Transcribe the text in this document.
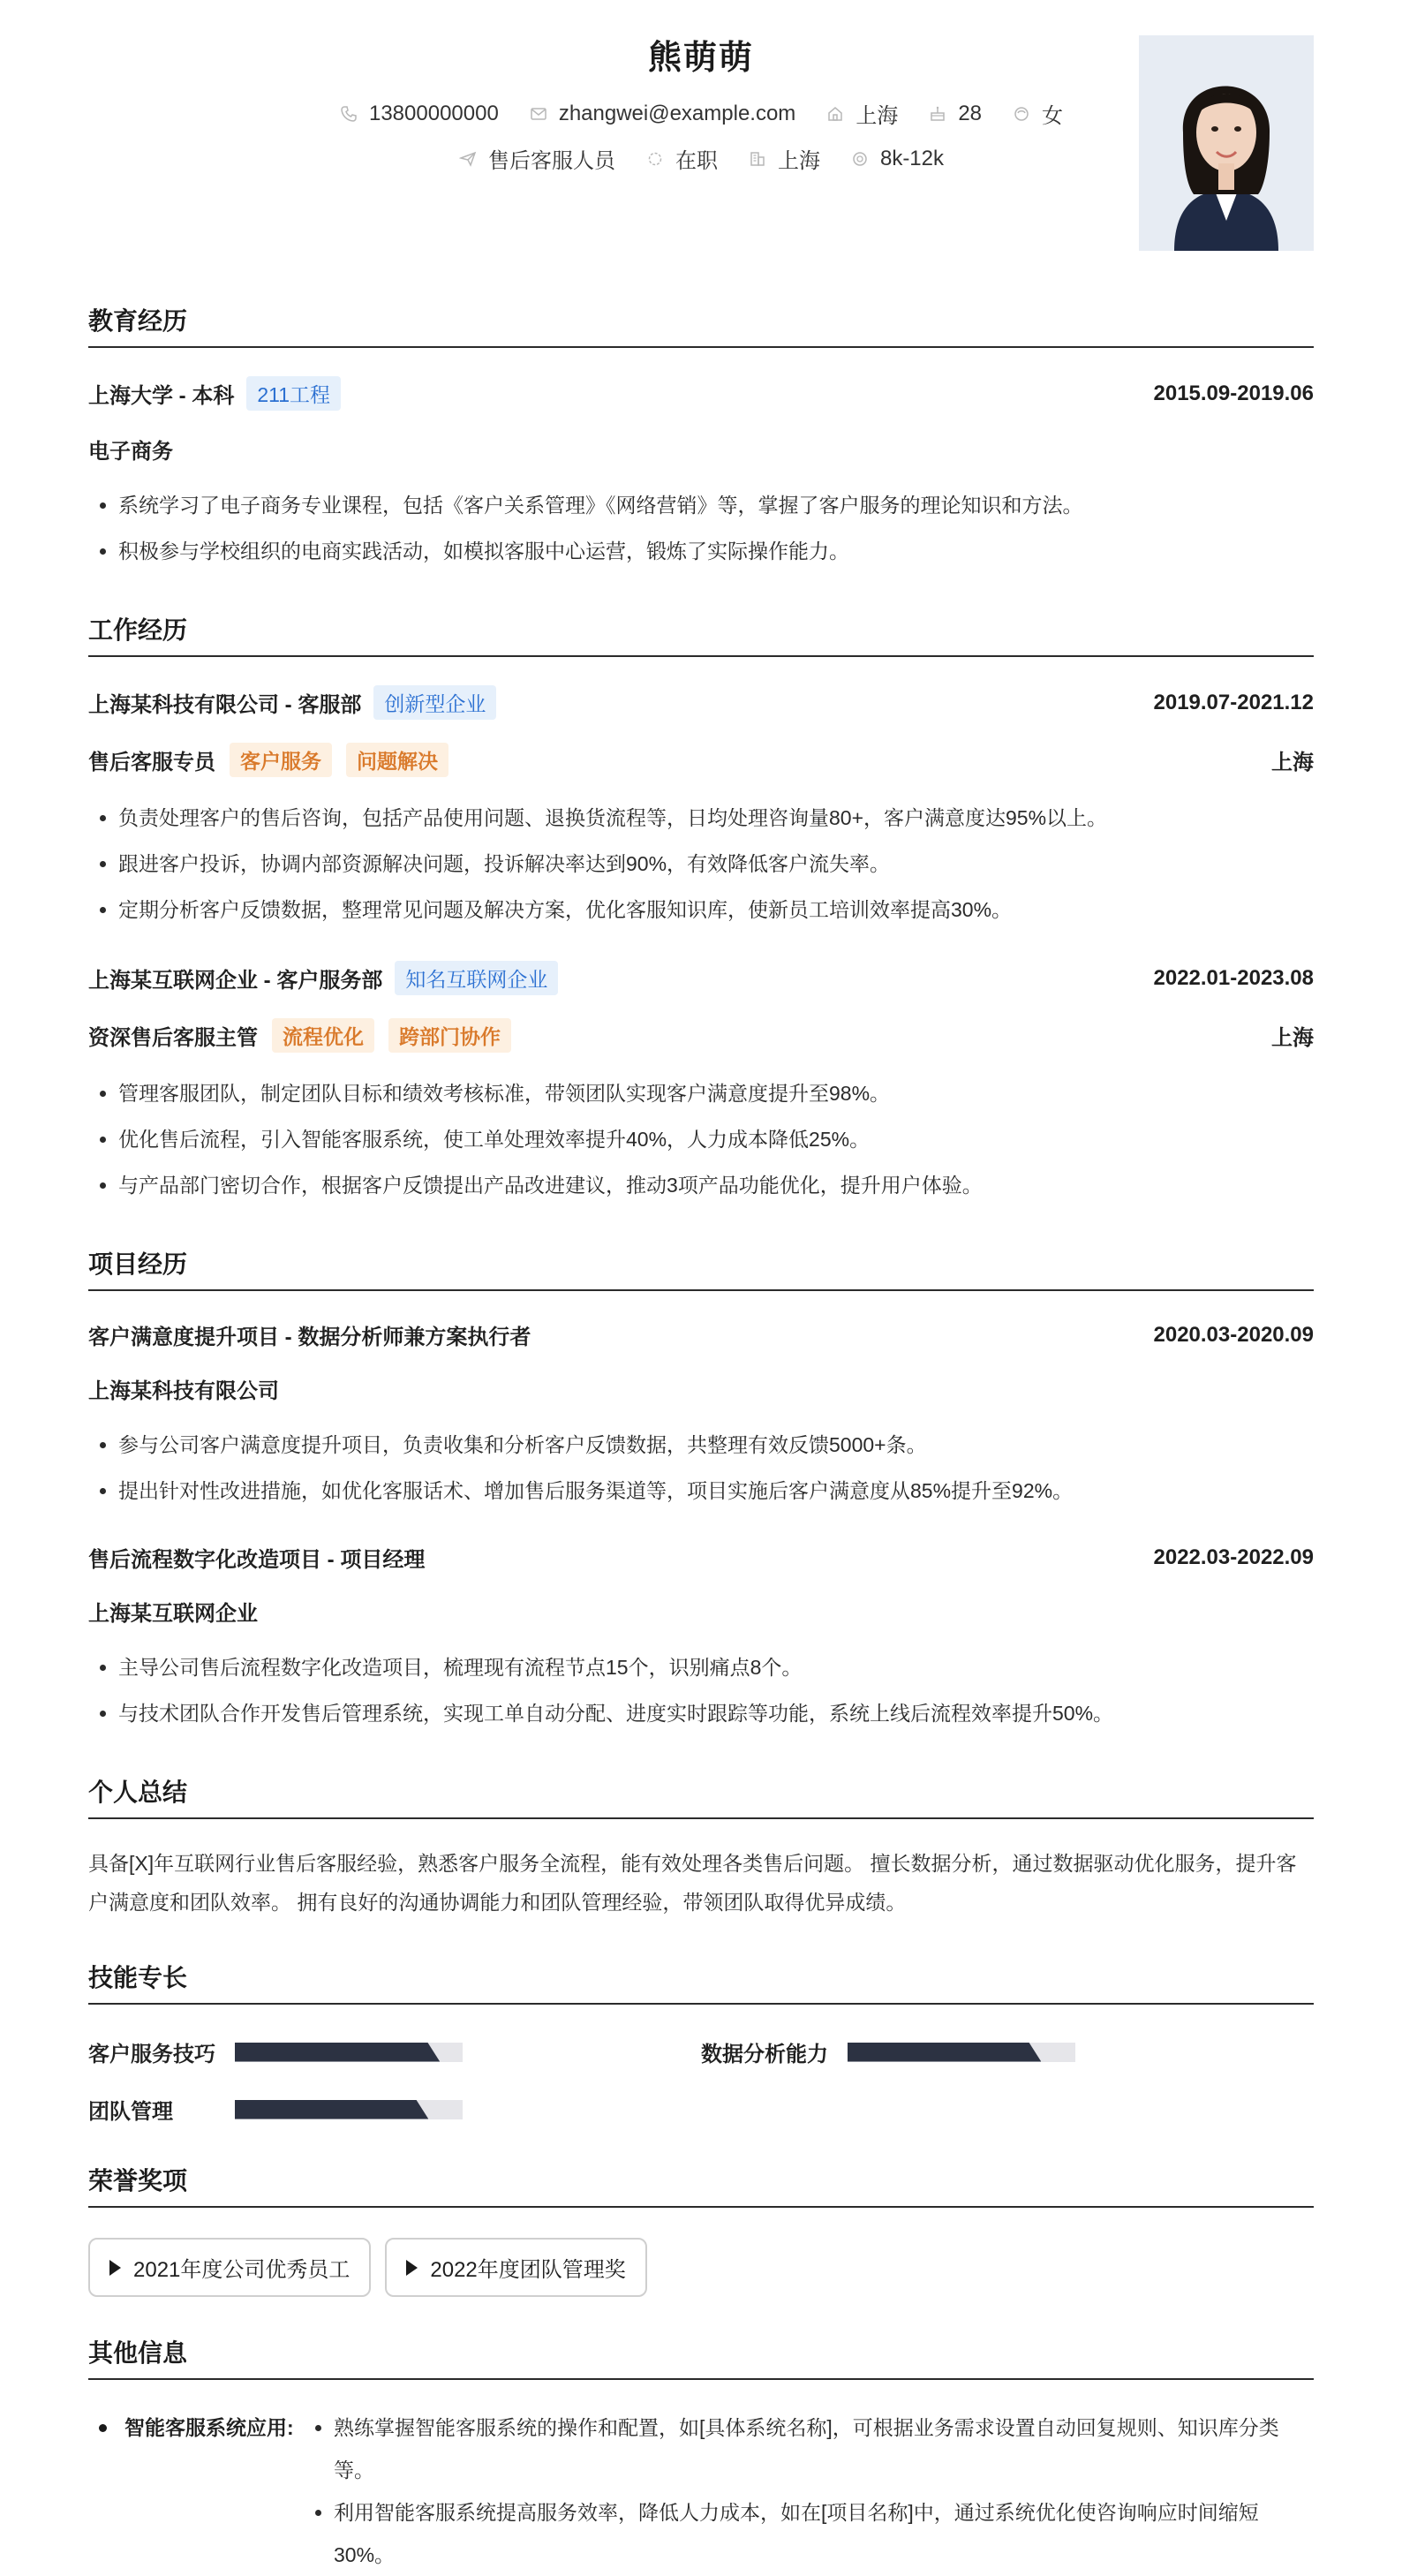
熊萌萌
13800000000	zhangwei@example.com	上海	28	女
售后客服人员	在职	上海	8k-12k
教育经历
上海大学 - 本科	211工程	2015.09-2019.06
电子商务
• 系统学习了电子商务专业课程，包括《客户关系管理》《网络营销》等，掌握了客户服务的理论知识和方法。
• 积极参与学校组织的电商实践活动，如模拟客服中心运营，锻炼了实际操作能力。
工作经历
上海某科技有限公司 - 客服部	创新型企业	2019.07-2021.12
售后客服专员	客户服务	问题解决	上海
• 负责处理客户的售后咨询，包括产品使用问题、退换货流程等，日均处理咨询量80+，客户满意度达95%以上。
• 跟进客户投诉，协调内部资源解决问题，投诉解决率达到90%，有效降低客户流失率。
• 定期分析客户反馈数据，整理常见问题及解决方案，优化客服知识库，使新员工培训效率提高30%。
上海某互联网企业 - 客户服务部	知名互联网企业	2022.01-2023.08
资深售后客服主管	流程优化	跨部门协作	上海
• 管理客服团队，制定团队目标和绩效考核标准，带领团队实现客户满意度提升至98%。
• 优化售后流程，引入智能客服系统，使工单处理效率提升40%，人力成本降低25%。
• 与产品部门密切合作，根据客户反馈提出产品改进建议，推动3项产品功能优化，提升用户体验。
项目经历
客户满意度提升项目 - 数据分析师兼方案执行者	2020.03-2020.09
上海某科技有限公司
• 参与公司客户满意度提升项目，负责收集和分析客户反馈数据，共整理有效反馈5000+条。
• 提出针对性改进措施，如优化客服话术、增加售后服务渠道等，项目实施后客户满意度从85%提升至92%。
售后流程数字化改造项目 - 项目经理	2022.03-2022.09
上海某互联网企业
• 主导公司售后流程数字化改造项目，梳理现有流程节点15个，识别痛点8个。
• 与技术团队合作开发售后管理系统，实现工单自动分配、进度实时跟踪等功能，系统上线后流程效率提升50%。
个人总结
具备[X]年互联网行业售后客服经验，熟悉客户服务全流程，能有效处理各类售后问题。 擅长数据分析，通过数据驱动优化服务，提升客户满意度和团队效率。 拥有良好的沟通协调能力和团队管理经验，带领团队取得优异成绩。
技能专长
客户服务技巧	数据分析能力
团队管理
荣誉奖项
2021年度公司优秀员工	2022年度团队管理奖
其他信息
智能客服系统应用:
• 熟练掌握智能客服系统的操作和配置，如[具体系统名称]，可根据业务需求设置自动回复规则、知识库分类等。
• 利用智能客服系统提高服务效率，降低人力成本，如在[项目名称]中，通过系统优化使咨询响应时间缩短30%。
